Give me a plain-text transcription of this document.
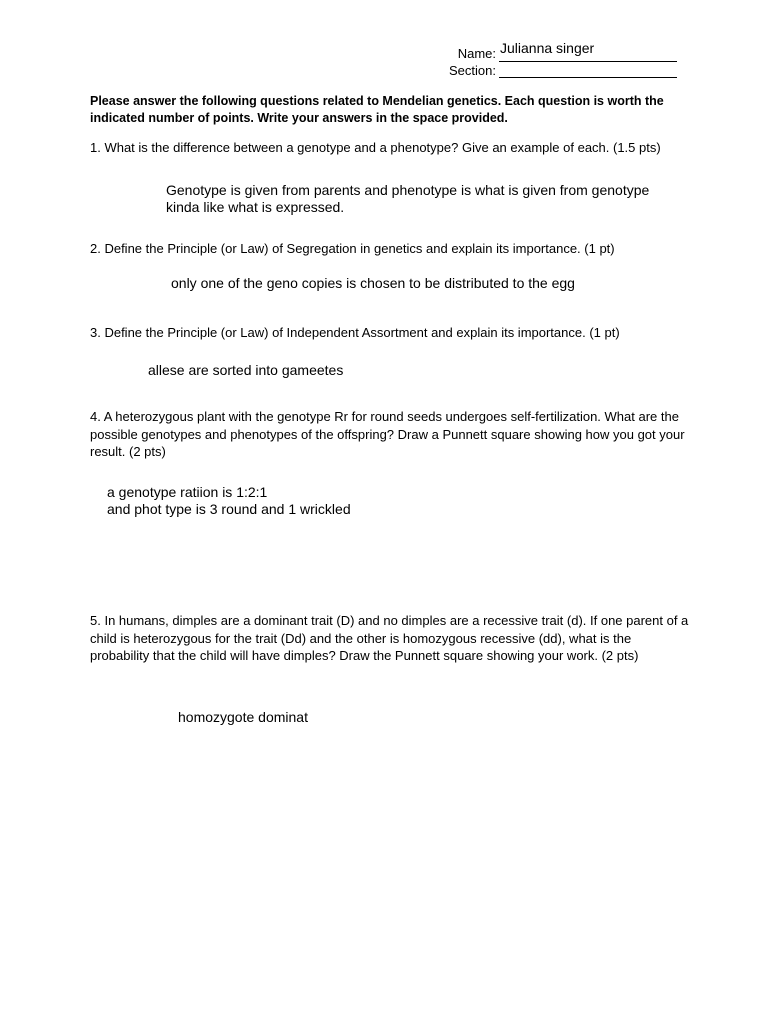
Name: Julianna singer
Section:
Please answer the following questions related to Mendelian genetics. Each question is worth the indicated number of points. Write your answers in the space provided.
1. What is the difference between a genotype and a phenotype? Give an example of each. (1.5 pts)
Genotype is given from parents and phenotype is what is given from genotype
kinda like what is expressed.
2. Define the Principle (or Law) of Segregation in genetics and explain its importance. (1 pt)
only one of the geno copies is chosen to be distributed to the egg
3. Define the Principle (or Law) of Independent Assortment and explain its importance. (1 pt)
allese are sorted into gameetes
4. A heterozygous plant with the genotype Rr for round seeds undergoes self-fertilization. What are the possible genotypes and phenotypes of the offspring? Draw a Punnett square showing how you got your result. (2 pts)
a genotype ratiion is 1:2:1
and phot type is 3 round and 1 wrickled
5. In humans, dimples are a dominant trait (D) and no dimples are a recessive trait (d). If one parent of a child is heterozygous for the trait (Dd) and the other is homozygous recessive (dd), what is the probability that the child will have dimples? Draw the Punnett square showing your work. (2 pts)
homozygote dominat
